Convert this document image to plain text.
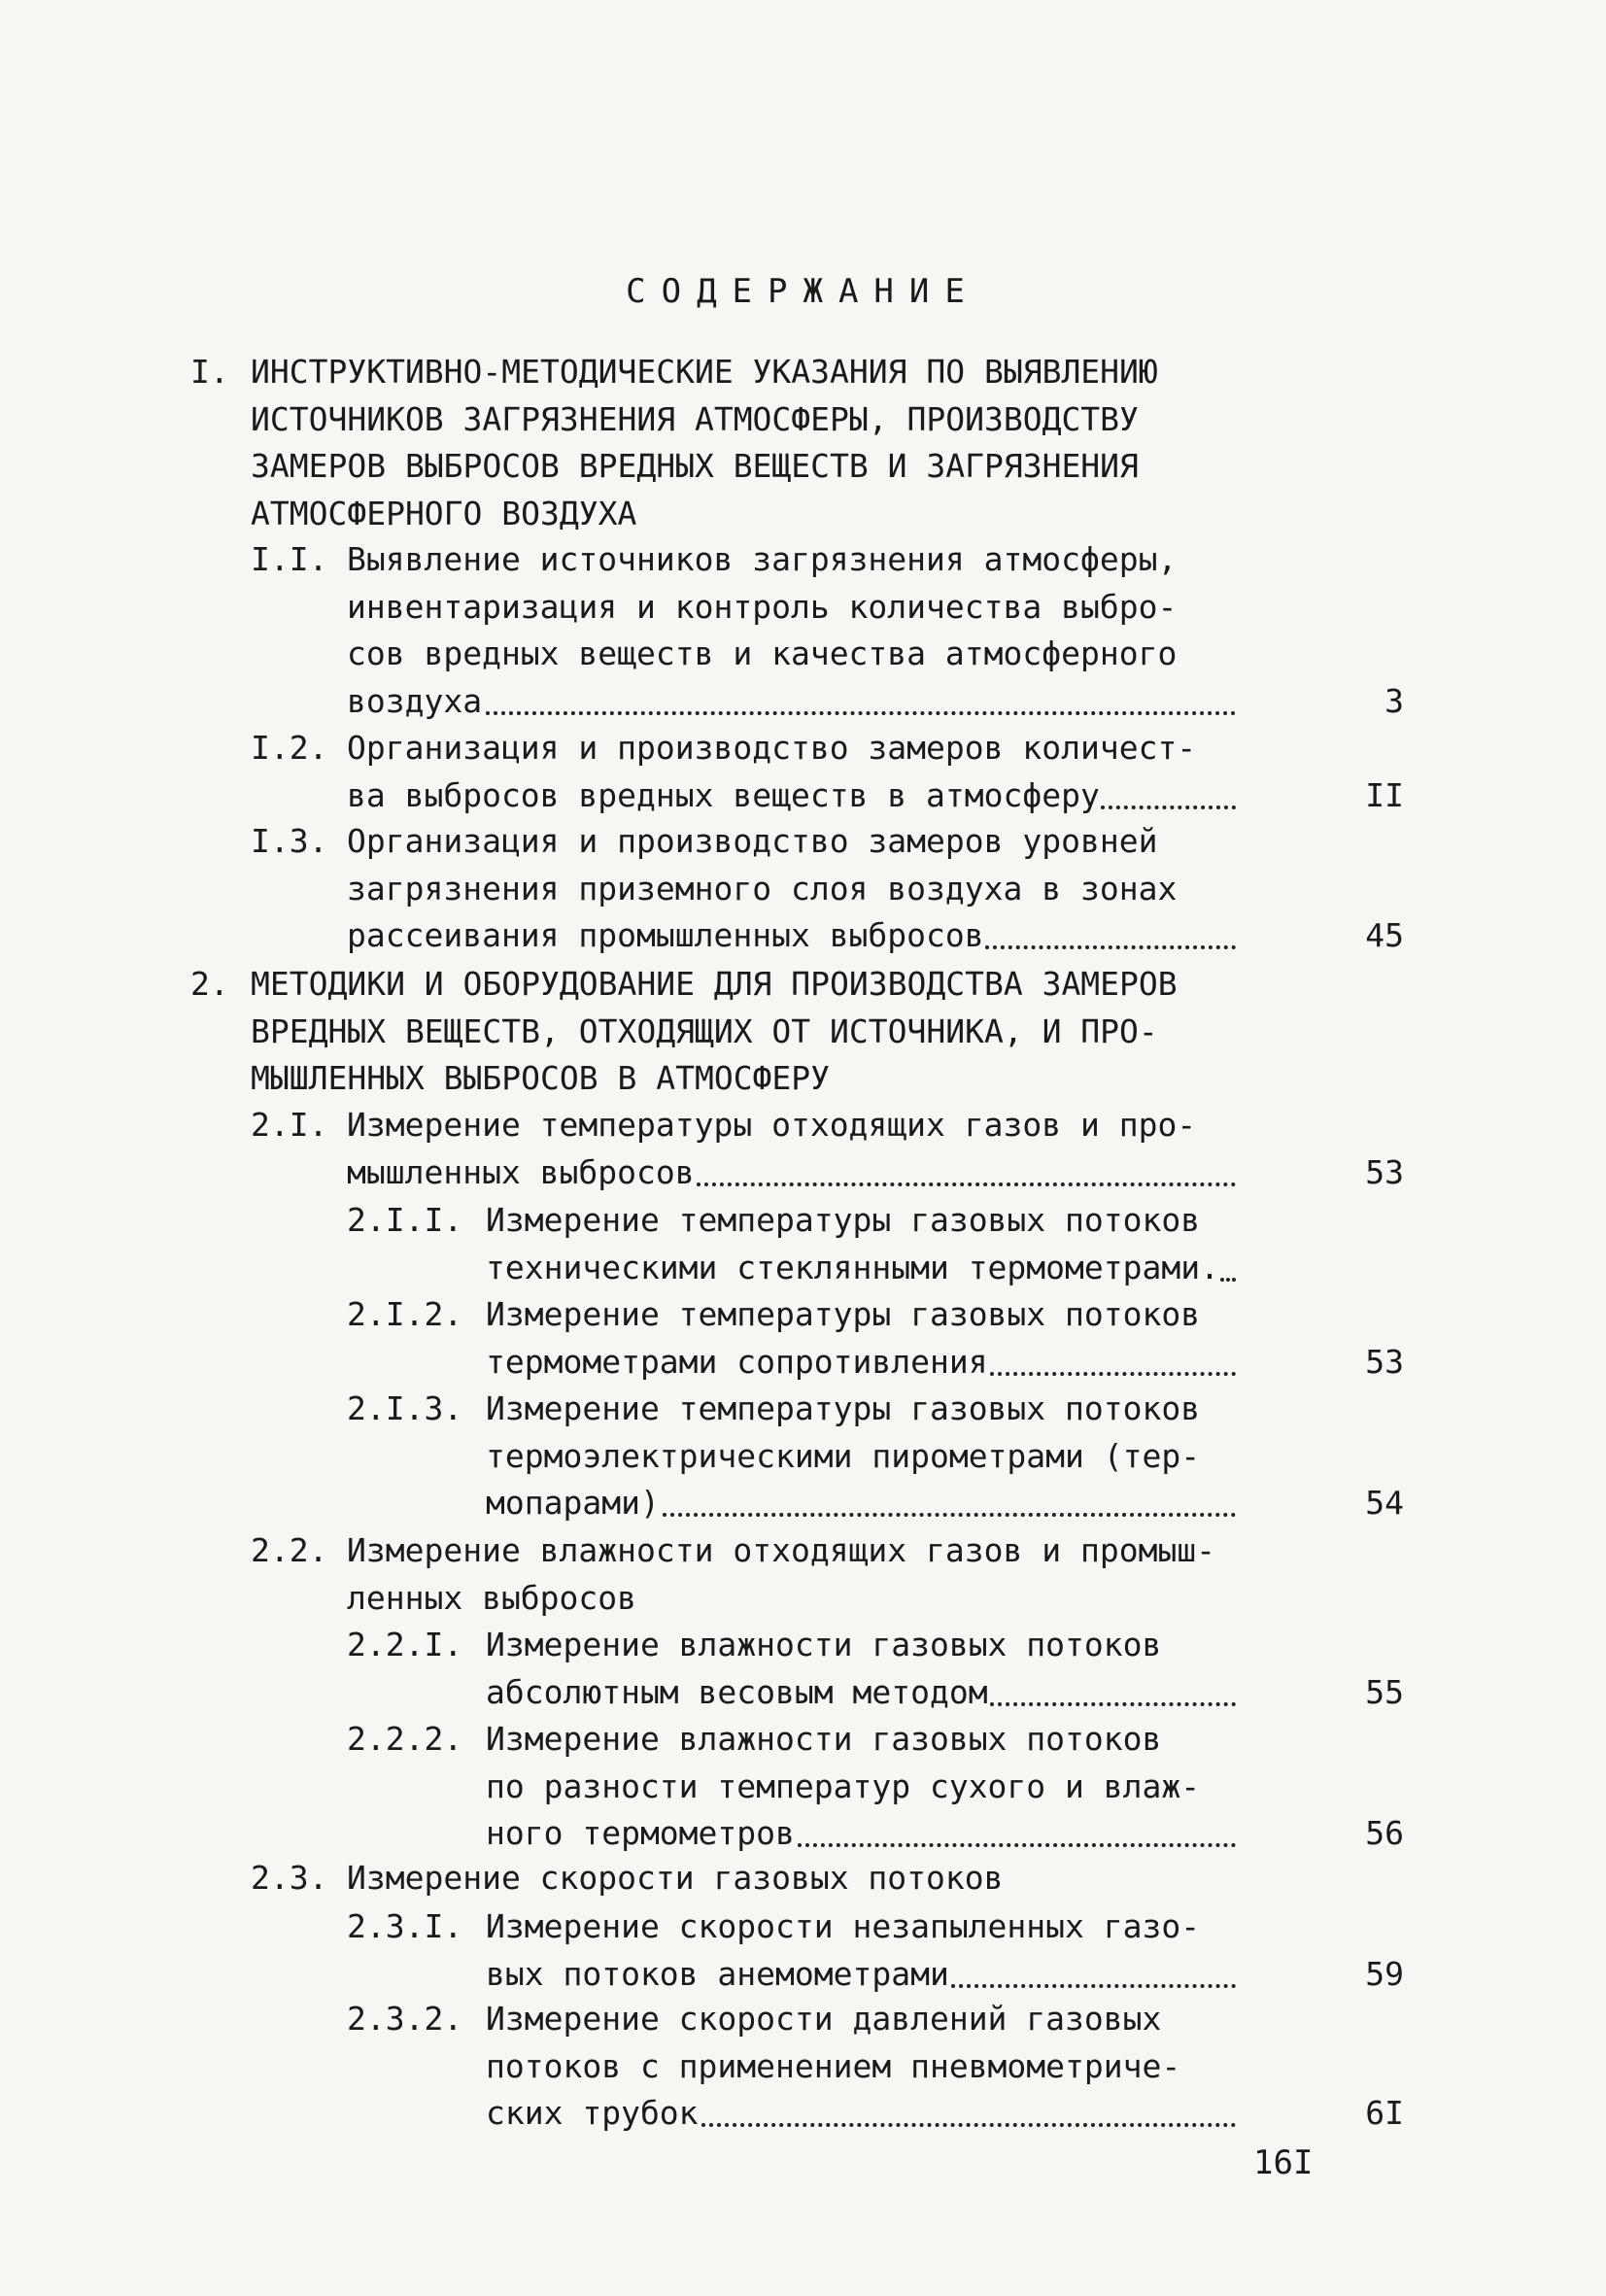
СОДЕРЖАНИЕ
I. ИНСТРУКТИВНО-МЕТОДИЧЕСКИЕ УКАЗАНИЯ ПО ВЫЯВЛЕНИЮ
ИСТОЧНИКОВ ЗАГРЯЗНЕНИЯ АТМОСФЕРЫ, ПРОИЗВОДСТВУ
ЗАМЕРОВ ВЫБРОСОВ ВРЕДНЫХ ВЕЩЕСТВ И ЗАГРЯЗНЕНИЯ
АТМОСФЕРНОГО ВОЗДУХА
I.I. Выявление источников загрязнения атмосферы,
инвентаризация и контроль количества выбро-
сов вредных веществ и качества атмосферного
воздуха	3
I.2. Организация и производство замеров количест-
ва выбросов вредных веществ в атмосферу	II
I.3. Организация и производство замеров уровней
загрязнения приземного слоя воздуха в зонах
рассеивания промышленных выбросов	45
2. МЕТОДИКИ И ОБОРУДОВАНИЕ ДЛЯ ПРОИЗВОДСТВА ЗАМЕРОВ
ВРЕДНЫХ ВЕЩЕСТВ, ОТХОДЯЩИХ ОТ ИСТОЧНИКА, И ПРО-
МЫШЛЕННЫХ ВЫБРОСОВ В АТМОСФЕРУ
2.I. Измерение температуры отходящих газов и про-
мышленных выбросов	53
2.I.I. Измерение температуры газовых потоков
техническими стеклянными термометрами.
2.I.2. Измерение температуры газовых потоков
термометрами сопротивления	53
2.I.3. Измерение температуры газовых потоков
термоэлектрическими пирометрами (тер-
мопарами)	54
2.2. Измерение влажности отходящих газов и промыш-
ленных выбросов
2.2.I. Измерение влажности газовых потоков
абсолютным весовым методом	55
2.2.2. Измерение влажности газовых потоков
по разности температур сухого и влаж-
ного термометров	56
2.3. Измерение скорости газовых потоков
2.3.I. Измерение скорости незапыленных газо-
вых потоков анемометрами	59
2.3.2. Измерение скорости давлений газовых
потоков с применением пневмометриче-
ских трубок	6I
16I
